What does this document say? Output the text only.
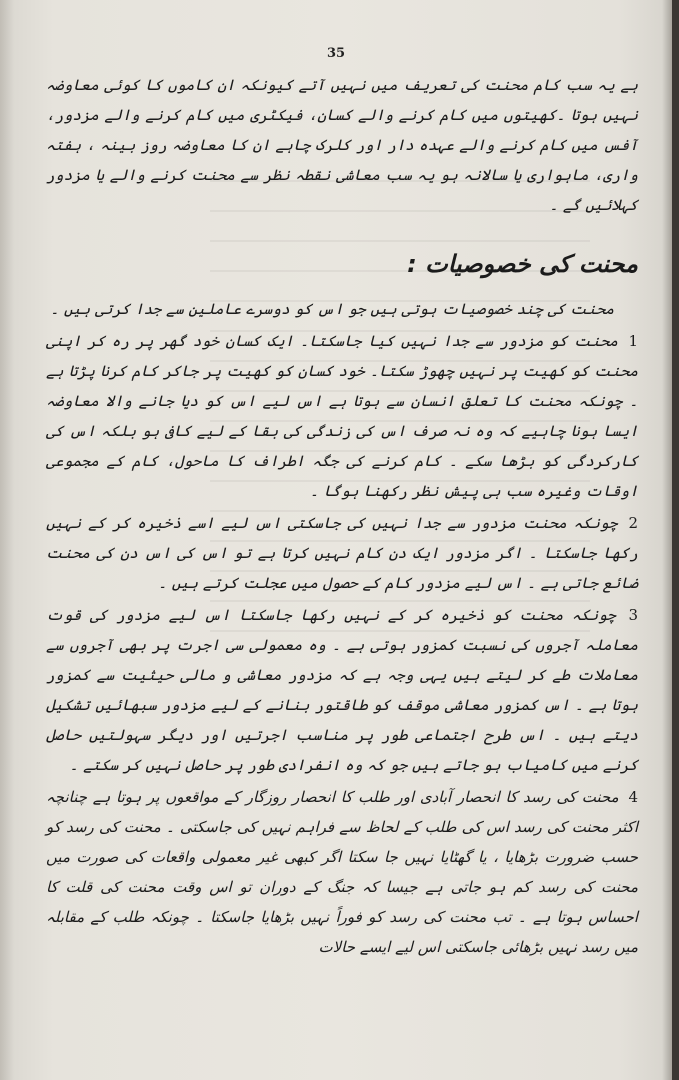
35

ہے یہ سب کام محنت کی تعریف میں نہیں آتے کیونکہ ان کاموں کا کوئی معاوضہ نہیں ہوتا ۔کھیتوں میں کام کرنے والے کسان، فیکٹری میں کام کرنے والے مزدور، آفس میں کام کرنے والے عہدہ دار اور کلرک چاہے ان کا معاوضہ روز بینہ ، ہفتہ واری، ماہواری یا سالانہ ہو یہ سب معاشی نقطہ نظر سے محنت کرنے والے یا مزدور کہلائیں گے ۔

محنت کی خصوصیات :

محنت کی چند خصوصیات ہوتی ہیں جو اس کو دوسرے عاملین سے جدا کرتی ہیں ۔

1 محنت کو مزدور سے جدا نہیں کیا جاسکتا۔ ایک کسان خود گھر پر رہ کر اپنی محنت کو کھیت پر نہیں چھوڑ سکتا۔ خود کسان کو کھیت پر جاکر کام کرنا پڑتا ہے ۔ چونکہ محنت کا تعلق انسان سے ہوتا ہے اس لیے اس کو دیا جانے والا معاوضہ ایسا ہونا چاہیے کہ وہ نہ صرف اس کی زندگی کی بقا کے لیے کافی ہو بلکہ اس کی کارکردگی کو بڑھا سکے ۔ کام کرنے کی جگہ اطراف کا ماحول، کام کے مجموعی اوقات وغیرہ سب ہی پیش نظر رکھنا ہوگا ۔

2 چونکہ محنت مزدور سے جدا نہیں کی جاسکتی اس لیے اسے ذخیرہ کر کے نہیں رکھا جاسکتا ۔ اگر مزدور ایک دن کام نہیں کرتا ہے تو اس کی اس دن کی محنت ضائع جاتی ہے ۔ اس لیے مزدور کام کے حصول میں عجلت کرتے ہیں ۔

3 چونکہ محنت کو ذخیرہ کر کے نہیں رکھا جاسکتا اس لیے مزدور کی قوت معاملہ آجروں کی نسبت کمزور ہوتی ہے ۔ وہ معمولی سی اجرت پر بھی آجروں سے معاملات طے کر لیتے ہیں یہی وجہ ہے کہ مزدور معاشی و مالی حیثیت سے کمزور ہوتا ہے ۔ اس کمزور معاشی موقف کو طاقتور بنانے کے لیے مزدور سبھائیں تشکیل دیتے ہیں ۔ اس طرح اجتماعی طور پر مناسب اجرتیں اور دیگر سہولتیں حاصل کرنے میں کامیاب ہو جاتے ہیں جو کہ وہ انفرادی طور پر حاصل نہیں کر سکتے ۔

4 محنت کی رسد کا انحصار آبادی اور طلب کا انحصار روزگار کے مواقعوں پر ہوتا ہے چنانچہ اکثر محنت کی رسد اس کی طلب کے لحاظ سے فراہم نہیں کی جاسکتی ۔ محنت کی رسد کو حسب ضرورت بڑھایا ، یا گھٹایا نہیں جا سکتا اگر کبھی غیر معمولی واقعات کی صورت میں محنت کی رسد کم ہو جاتی ہے جیسا کہ جنگ کے دوران تو اس وقت محنت کی قلت کا احساس ہوتا ہے ۔ تب محنت کی رسد کو فوراً نہیں بڑھایا جاسکتا ۔ چونکہ طلب کے مقابلہ میں رسد نہیں بڑھائی جاسکتی اس لیے ایسے حالات
